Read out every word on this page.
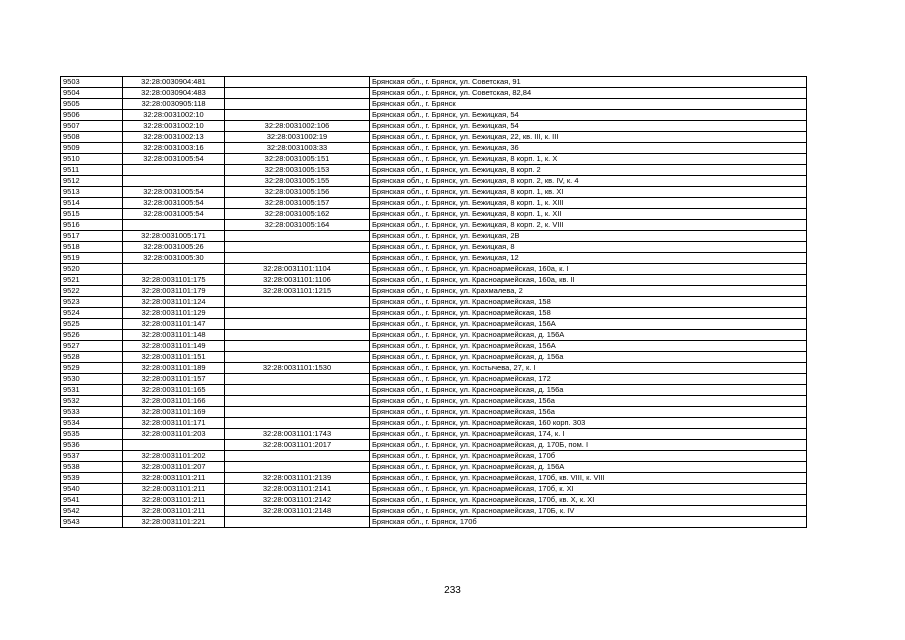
9503	32:28:0030904:481		Брянская обл., г. Брянск, ул. Советская, 91
9504	32:28:0030904:483		Брянская обл., г. Брянск, ул. Советская, 82,84
9505	32:28:0030905:118		Брянская обл., г. Брянск
9506	32:28:0031002:10		Брянская обл., г. Брянск, ул. Бежицкая, 54
9507	32:28:0031002:10	32:28:0031002:106	Брянская обл., г. Брянск, ул. Бежицкая, 54
9508	32:28:0031002:13	32:28:0031002:19	Брянская обл., г. Брянск, ул. Бежицкая, 22, кв. III, к. III
9509	32:28:0031003:16	32:28:0031003:33	Брянская обл., г. Брянск, ул. Бежицкая, 36
9510	32:28:0031005:54	32:28:0031005:151	Брянская обл., г. Брянск, ул. Бежицкая, 8 корп. 1, к. X
9511		32:28:0031005:153	Брянская обл., г. Брянск, ул. Бежицкая, 8 корп. 2
9512		32:28:0031005:155	Брянская обл., г. Брянск, ул. Бежицкая, 8 корп. 2, кв. IV, к. 4
9513	32:28:0031005:54	32:28:0031005:156	Брянская обл., г. Брянск, ул. Бежицкая, 8 корп. 1, кв. XI
9514	32:28:0031005:54	32:28:0031005:157	Брянская обл., г. Брянск, ул. Бежицкая, 8 корп. 1, к. XIII
9515	32:28:0031005:54	32:28:0031005:162	Брянская обл., г. Брянск, ул. Бежицкая, 8 корп. 1, к. XII
9516		32:28:0031005:164	Брянская обл., г. Брянск, ул. Бежицкая, 8 корп. 2, к. VIII
9517	32:28:0031005:171		Брянская обл., г. Брянск, ул. Бежицкая, 2В
9518	32:28:0031005:26		Брянская обл., г. Брянск, ул. Бежицкая, 8
9519	32:28:0031005:30		Брянская обл., г. Брянск, ул. Бежицкая, 12
9520		32:28:0031101:1104	Брянская обл., г. Брянск, ул. Красноармейская, 160а, к. I
9521	32:28:0031101:175	32:28:0031101:1106	Брянская обл., г. Брянск, ул. Красноармейская, 160а, кв. II
9522	32:28:0031101:179	32:28:0031101:1215	Брянская обл., г. Брянск, ул. Крахмалева, 2
9523	32:28:0031101:124		Брянская обл., г. Брянск, ул. Красноармейская, 158
9524	32:28:0031101:129		Брянская обл., г. Брянск, ул. Красноармейская, 158
9525	32:28:0031101:147		Брянская обл., г. Брянск, ул. Красноармейская, 156А
9526	32:28:0031101:148		Брянская обл., г. Брянск, ул. Красноармейская, д. 156А
9527	32:28:0031101:149		Брянская обл., г. Брянск, ул. Красноармейская, 156А
9528	32:28:0031101:151		Брянская обл., г. Брянск, ул. Красноармейская, д. 156а
9529	32:28:0031101:189	32:28:0031101:1530	Брянская обл., г. Брянск, ул. Костычева, 27, к. I
9530	32:28:0031101:157		Брянская обл., г. Брянск, ул. Красноармейская, 172
9531	32:28:0031101:165		Брянская обл., г. Брянск, ул. Красноармейская, д. 156а
9532	32:28:0031101:166		Брянская обл., г. Брянск, ул. Красноармейская, 156а
9533	32:28:0031101:169		Брянская обл., г. Брянск, ул. Красноармейская, 156а
9534	32:28:0031101:171		Брянская обл., г. Брянск, ул. Красноармейская, 160 корп. 303
9535	32:28:0031101:203	32:28:0031101:1743	Брянская обл., г. Брянск, ул. Красноармейская, 174, к. I
9536		32:28:0031101:2017	Брянская обл., г. Брянск, ул. Красноармейская, д. 170Б, пом. I
9537	32:28:0031101:202		Брянская обл., г. Брянск, ул. Красноармейская, 170б
9538	32:28:0031101:207		Брянская обл., г. Брянск, ул. Красноармейская, д. 156А
9539	32:28:0031101:211	32:28:0031101:2139	Брянская обл., г. Брянск, ул. Красноармейская, 170б, кв. VIII, к. VIII
9540	32:28:0031101:211	32:28:0031101:2141	Брянская обл., г. Брянск, ул. Красноармейская, 170б, к. XI
9541	32:28:0031101:211	32:28:0031101:2142	Брянская обл., г. Брянск, ул. Красноармейская, 170б, кв. X, к. XI
9542	32:28:0031101:211	32:28:0031101:2148	Брянская обл., г. Брянск, ул. Красноармейская, 170Б, к. IV
9543	32:28:0031101:221		Брянская обл., г. Брянск, 170б
233
